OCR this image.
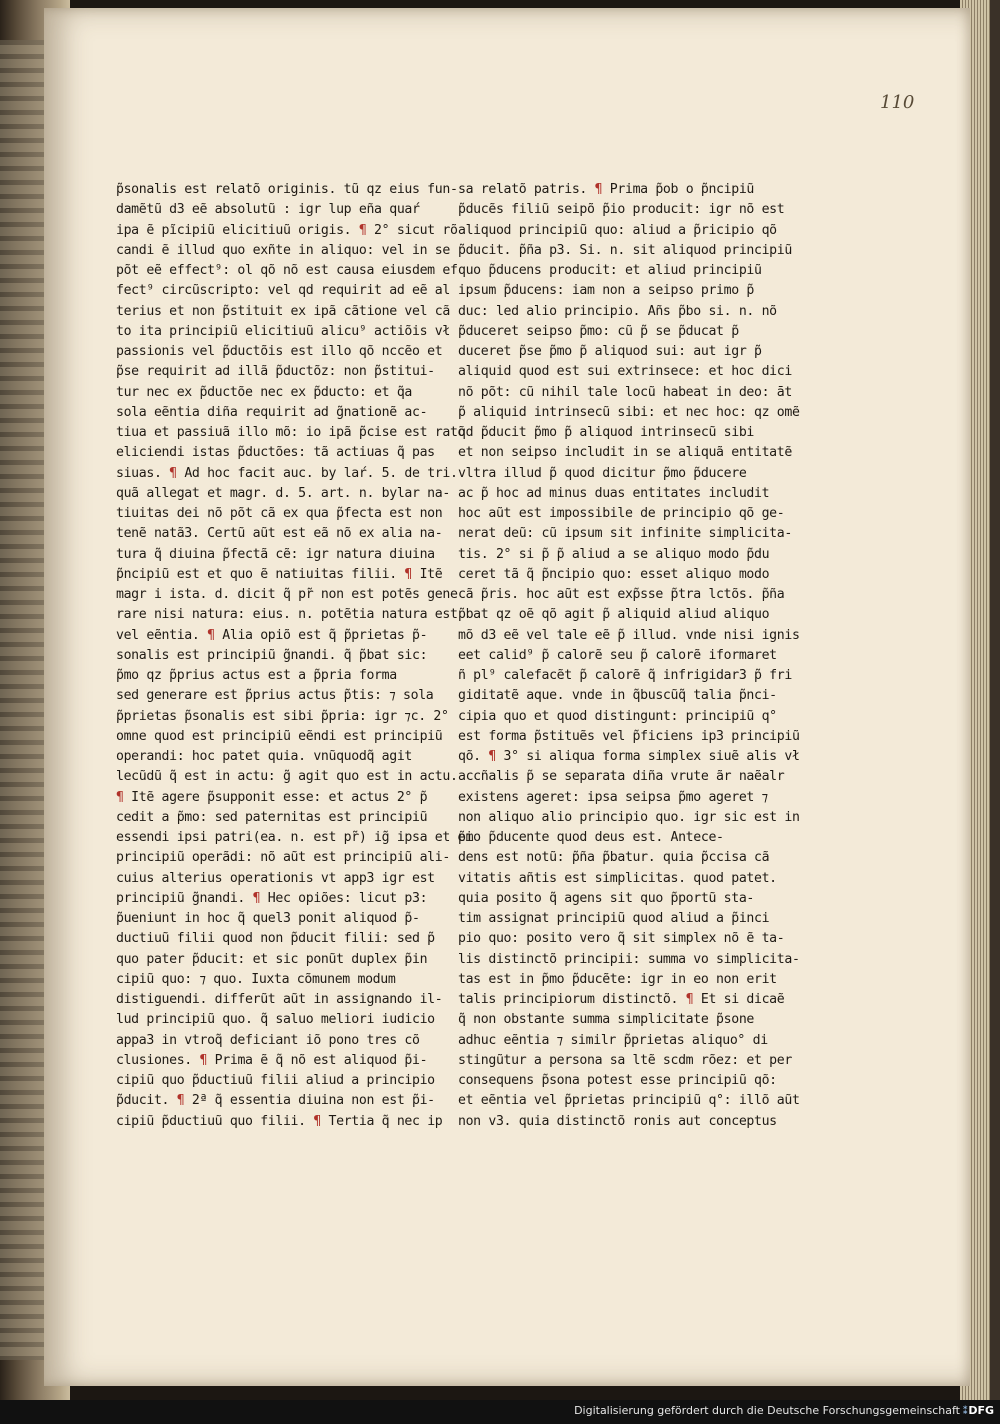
110
p̃sonalis est relatõ originis. tũ qz eius fun-
damẽtũ d3 eẽ absolutũ : igr lup eña quaŕ
ipa ẽ pĩcipiũ elicitiuũ origis. ¶ 2° sicut rõ
candi ẽ illud quo exñte in aliquo: vel in se
põt eẽ effect⁹: ol qõ nõ est causa eiusdem ef
fect⁹ circũscripto: vel qd requirit ad eẽ al
terius et non p̃stituit ex ipã cãtione vel cã
to ita principiũ elicitiuũ alicu⁹ actiõis vł
passionis vel p̃ductõis est illo qõ nccẽo et
p̃se requirit ad illã p̃ductõz: non p̃stitui-
tur nec ex p̃ductõe nec ex p̃ducto: et q̃a
sola eẽntia diña requirit ad g̃nationẽ ac-
tiua et passiuã illo mõ: io ipã p̃cise est ratõ
eliciendi istas p̃ductões: tã actiuas q̃ pas
siuas. ¶ Ad hoc facit auc. by laŕ. 5. de tri.
quã allegat et magr. d. 5. art. n. bylar na-
tiuitas dei nõ põt cã ex qua p̃fecta est non
tenẽ natã3. Certũ aũt est eã nõ ex alia na-
tura q̃ diuina p̃fectã cẽ: igr natura diuina
p̃ncipiũ est et quo ẽ natiuitas filii. ¶ Itẽ
magr i ista. d. dicit q̃ pr̃ non est potẽs gene
rare nisi natura: eius. n. potẽtia natura est
vel eẽntia. ¶ Alia opiõ est q̃ p̃prietas p̃-
sonalis est principiũ g̃nandi. q̃ p̃bat sic:
p̃mo qz p̃prius actus est a p̃pria forma
sed generare est p̃prius actus p̃tis: ⁊ sola
p̃prietas p̃sonalis est sibi p̃pria: igr ⁊c. 2°
omne quod est principiũ eẽndi est principiũ
operandi: hoc patet quia. vnũquodq̃ agit
lecũdũ q̃ est in actu: g̃ agit quo est in actu.
¶ Itẽ agere p̃supponit esse: et actus 2° p̃
cedit a p̃mo: sed paternitas est principiũ
essendi ipsi patri(ea. n. est pr̃) ig̃ ipsa et ei
principiũ operãdi: nõ aũt est principiũ ali-
cuius alterius operationis vt app3 igr est
principiũ g̃nandi. ¶ Hec opiões: licut p3:
p̃ueniunt in hoc q̃ quel3 ponit aliquod p̃-
ductiuũ filii quod non p̃ducit filii: sed p̃
quo pater p̃ducit: et sic ponũt duplex p̃in
cipiũ quo: ⁊ quo. Iuxta cõmunem modum
distiguendi. differũt aũt in assignando il-
lud principiũ quo. q̃ saluo meliori iudicio
appa3 in vtroq̃ deficiant iõ pono tres cõ
clusiones. ¶ Prima ẽ q̃ nõ est aliquod p̃i-
cipiũ quo p̃ductiuũ filii aliud a principio
p̃ducit. ¶ 2ª q̃ essentia diuina non est p̃i-
cipiũ p̃ductiuũ quo filii. ¶ Tertia q̃ nec ip
sa relatõ patris. ¶ Prima p̃ob o p̃ncipiũ
p̃ducẽs filiũ seipõ p̃io producit: igr nõ est
aliquod principiũ quo: aliud a p̃ricipio qõ
p̃ducit. p̃ña p3. Si. n. sit aliquod principiũ
quo p̃ducens producit: et aliud principiũ
ipsum p̃ducens: iam non a seipso primo p̃
duc: led alio principio. Añs p̃bo si. n. nõ
p̃duceret seipso p̃mo: cũ p̃ se p̃ducat p̃
duceret p̃se p̃mo p̃ aliquod sui: aut igr p̃
aliquid quod est sui extrinsece: et hoc dici
nõ põt: cũ nihil tale locũ habeat in deo: āt
p̃ aliquid intrinsecũ sibi: et nec hoc: qz omẽ
qd p̃ducit p̃mo p̃ aliquod intrinsecũ sibi
et non seipso includit in se aliquã entitatẽ
vltra illud p̃ quod dicitur p̃mo p̃ducere
ac p̃ hoc ad minus duas entitates includit
hoc aũt est impossibile de principio qõ ge-
nerat deũ: cũ ipsum sit infinite simplicita-
tis. 2° si p̃ p̃ aliud a se aliquo modo p̃du
ceret tã q̃ p̃ncipio quo: esset aliquo modo
cã p̃ris. hoc aũt est exp̃sse p̃tra lctõs. p̃ña
p̃bat qz oẽ qõ agit p̃ aliquid aliud aliquo
mõ d3 eẽ vel tale eẽ p̃ illud. vnde nisi ignis
eet calid⁹ p̃ calorẽ seu p̃ calorẽ iformaret
ñ pl⁹ calefacẽt p̃ calorẽ q̃ infrigidar3 p̃ fri
giditatẽ aque. vnde in q̃buscũq̃ talia p̃nci-
cipia quo et quod distingunt: principiũ q°
est forma p̃stituẽs vel p̃ficiens ip3 principiũ
qõ. ¶ 3° si aliqua forma simplex siuẽ alis vł
accñalis p̃ se separata diña vrute ãr naẽalr
existens ageret: ipsa seipsa p̃mo ageret ⁊
non aliquo alio principio quo. igr sic est in
p̃mo p̃ducente quod deus est. Antece-
dens est notũ: p̃ña p̃batur. quia p̃ccisa cã
vitatis añtis est simplicitas. quod patet.
quia posito q̃ agens sit quo p̃portũ sta-
tim assignat principiũ quod aliud a p̃inci
pio quo: posito vero q̃ sit simplex nõ ẽ ta-
lis distinctõ principii: summa vo simplicita-
tas est in p̃mo p̃ducẽte: igr in eo non erit
talis principiorum distinctõ. ¶ Et si dicaẽ
q̃ non obstante summa simplicitate p̃sone
adhuc eẽntia ⁊ similr p̃prietas aliquo° di
stingũtur a persona sa ltẽ scdm rõez: et per
consequens p̃sona potest esse principiũ qõ:
et eẽntia vel p̃prietas principiũ q°: illõ aũt
non v3. quia distinctõ ronis aut conceptus
Digitalisierung gefördert durch die Deutsche Forschungsgemeinschaft ⁑DFG
